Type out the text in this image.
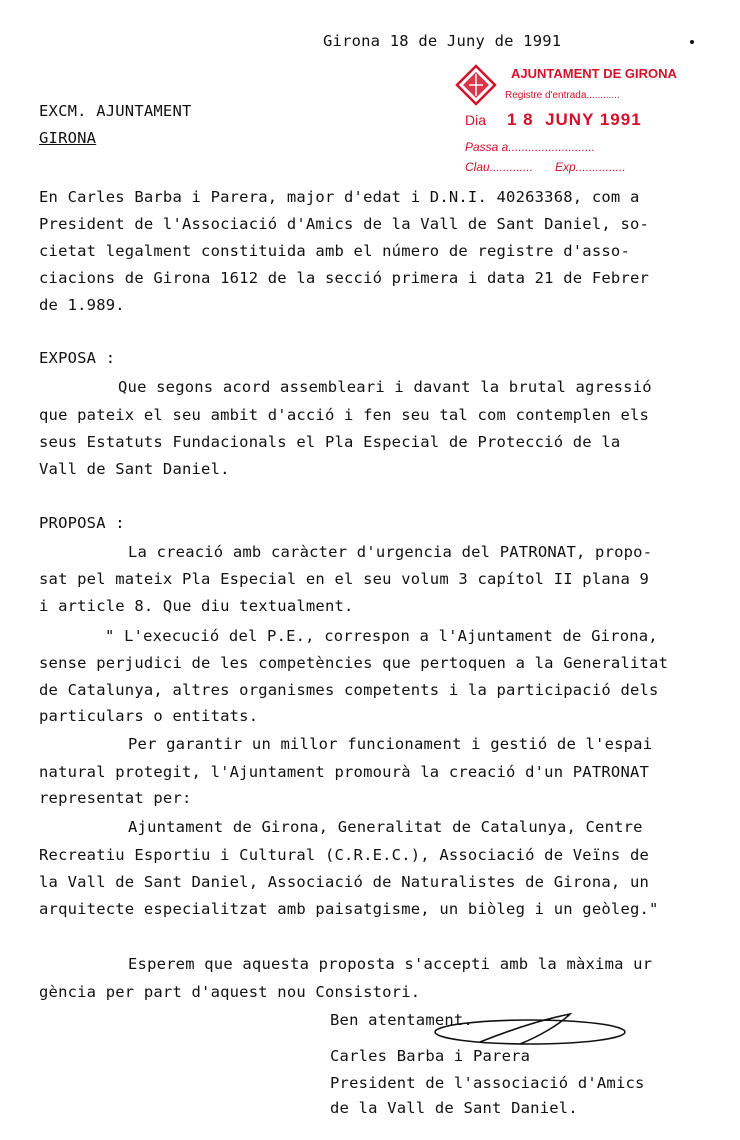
Girona 18 de Juny de 1991
AJUNTAMENT DE GIRONA
Registre d'entrada............
Dia 1 8  JUNY 1991
Passa a..........................
Clau............. Exp...............
EXCM. AJUNTAMENT
GIRONA
En Carles Barba i Parera, major d'edat i D.N.I. 40263368, com a
President de l'Associació d'Amics de la Vall de Sant Daniel, so-
cietat legalment constituida amb el número de registre d'asso-
ciacions de Girona 1612 de la secció primera i data 21 de Febrer
de 1.989.
EXPOSA :
Que segons acord assembleari i davant la brutal agressió
que pateix el seu ambit d'acció i fen seu tal com contemplen els
seus Estatuts Fundacionals el Pla Especial de Protecció de la
Vall de Sant Daniel.
PROPOSA :
La creació amb caràcter d'urgencia del PATRONAT, propo-
sat pel mateix Pla Especial en el seu volum 3 capítol II plana 9
i article 8. Que diu textualment.
" L'execució del P.E., correspon a l'Ajuntament de Girona,
sense perjudici de les competències que pertoquen a la Generalitat
de Catalunya, altres organismes competents i la participació dels
particulars o entitats.
Per garantir un millor funcionament i gestió de l'espai
natural protegit, l'Ajuntament promourà la creació d'un PATRONAT
representat per:
Ajuntament de Girona, Generalitat de Catalunya, Centre
Recreatiu Esportiu i Cultural (C.R.E.C.), Associació de Veïns de
la Vall de Sant Daniel, Associació de Naturalistes de Girona, un
arquitecte especialitzat amb paisatgisme, un biòleg i un geòleg."
Esperem que aquesta proposta s'accepti amb la màxima ur
gència per part d'aquest nou Consistori.
Ben atentament.
Carles Barba i Parera
President de l'associació d'Amics
de la Vall de Sant Daniel.
